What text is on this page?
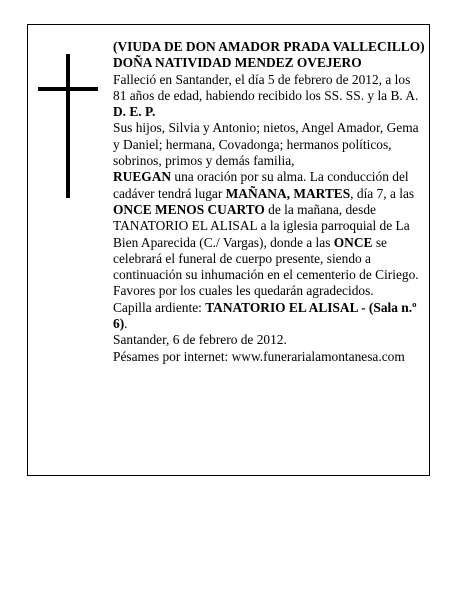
(VIUDA DE DON AMADOR PRADA VALLECILLO)

DOÑA NATIVIDAD MENDEZ OVEJERO

Falleció en Santander, el día 5 de febrero de 2012, a los 81 años de edad, habiendo recibido los SS. SS. y la B. A.

D. E. P.

Sus hijos, Silvia y Antonio; nietos, Angel Amador, Gema y Daniel; hermana, Covadonga; hermanos políticos, sobrinos, primos y demás familia,

RUEGAN una oración por su alma. La conducción del cadáver tendrá lugar MAÑANA, MARTES, día 7, a las ONCE MENOS CUARTO de la mañana, desde TANATORIO EL ALISAL a la iglesia parroquial de La Bien Aparecida (C./ Vargas), donde a las ONCE se celebrará el funeral de cuerpo presente, siendo a continuación su inhumación en el cementerio de Ciriego. Favores por los cuales les quedarán agradecidos.

Capilla ardiente: TANATORIO EL ALISAL - (Sala n.º 6).

Santander, 6 de febrero de 2012.

Pésames por internet: www.funerarialamontanesa.com
